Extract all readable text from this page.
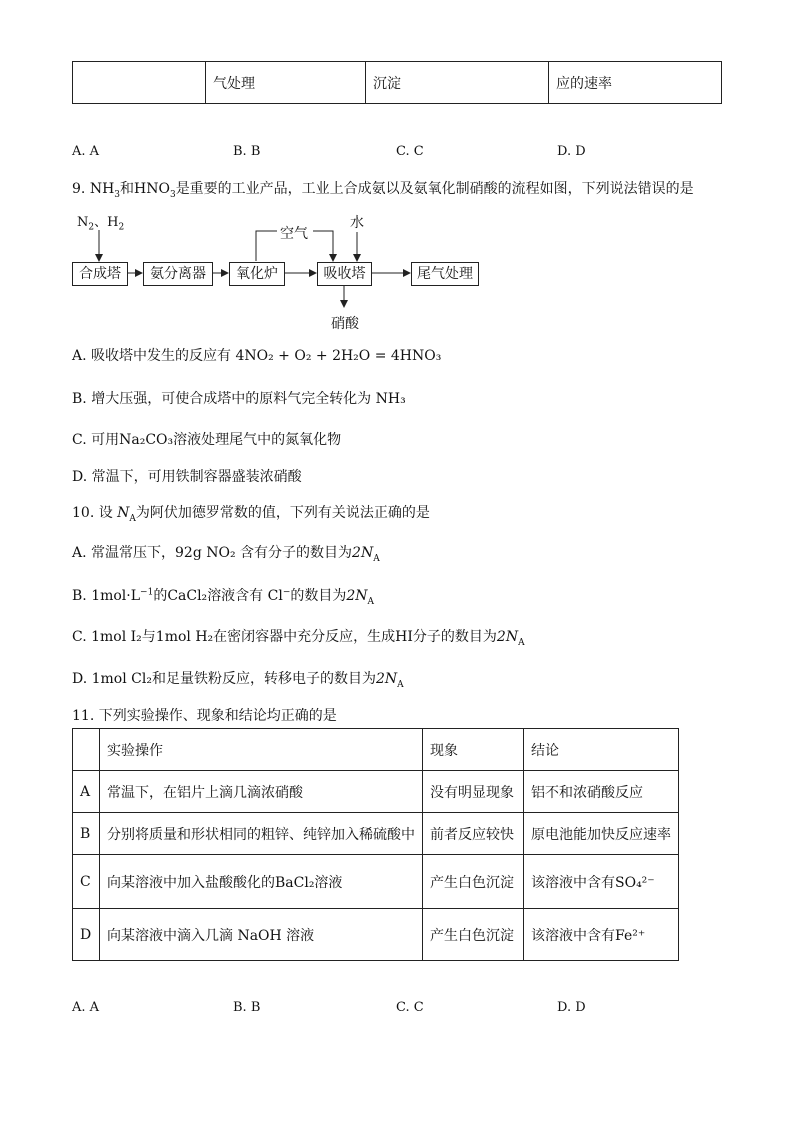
	气处理	沉淀	应的速率
A. A	B. B	C. C	D. D
9. $NH_3$和$HNO_3$是重要的工业产品，工业上合成氨以及氨氧化制硝酸的流程如图，下列说法错误的是
$N_2$、$H_2$	空气
水
合成塔	氨分离器	氧化炉	吸收塔	尾气处理
硝酸
A. 吸收塔中发生的反应有 4NO₂ + O₂ + 2H₂O = 4HNO₃
B. 增大压强，可使合成塔中的原料气完全转化为 NH₃
C. 可用Na₂CO₃溶液处理尾气中的氮氧化物
D. 常温下，可用铁制容器盛装浓硝酸
10. 设 $N_A$为阿伏加德罗常数的值，下列有关说法正确的是
A. 常温常压下，92g NO₂ 含有分子的数目为$2N_A$
B. $1mol\cdot L^{-1}$的CaCl₂溶液含有 Cl−的数目为$2N_A$
C. 1mol I₂与1mol H₂在密闭容器中充分反应，生成HI分子的数目为$2N_A$
D. 1mol Cl₂和足量铁粉反应，转移电子的数目为$2N_A$
11. 下列实验操作、现象和结论均正确的是
	实验操作	现象	结论
A	常温下，在铝片上滴几滴浓硝酸	没有明显现象	铝不和浓硝酸反应
B	分别将质量和形状相同的粗锌、纯锌加入稀硫酸中	前者反应较快	原电池能加快反应速率
C	向某溶液中加入盐酸酸化的BaCl₂溶液	产生白色沉淀	该溶液中含有SO₄²⁻
D	向某溶液中滴入几滴 NaOH 溶液	产生白色沉淀	该溶液中含有Fe²⁺
A. A	B. B	C. C	D. D
